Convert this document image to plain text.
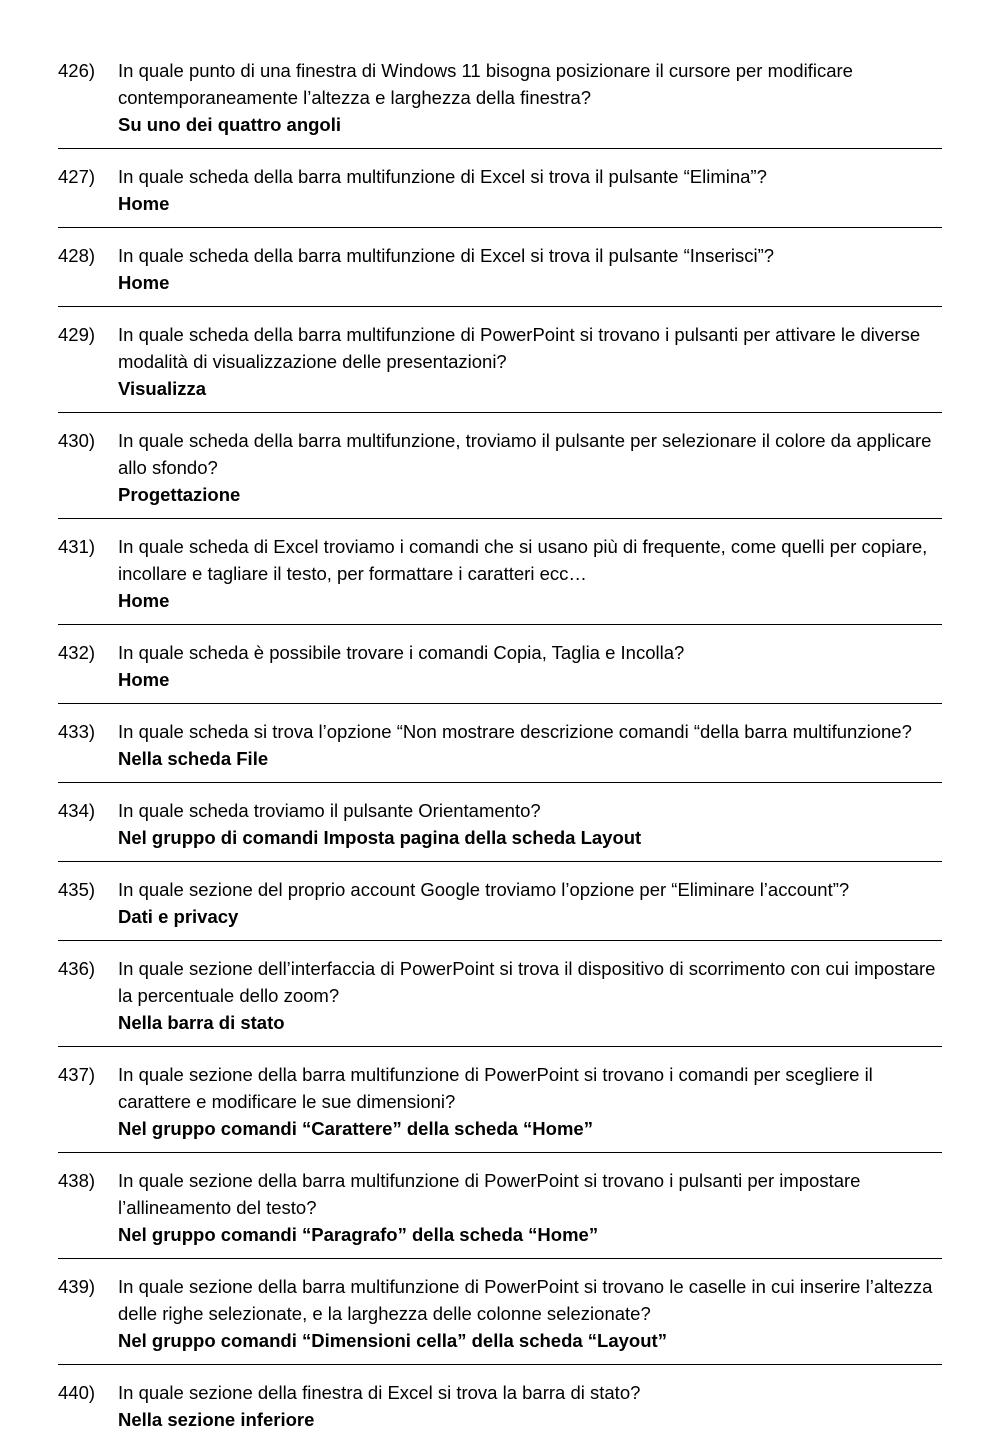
426)	In quale punto di una finestra di Windows 11 bisogna posizionare il cursore per modificare contemporaneamente l’altezza e larghezza della finestra?

Su uno dei quattro angoli

427)	In quale scheda della barra multifunzione di Excel si trova il pulsante “Elimina”?

Home

428)	In quale scheda della barra multifunzione di Excel si trova il pulsante “Inserisci”?

Home

429)	In quale scheda della barra multifunzione di PowerPoint si trovano i pulsanti per attivare le diverse modalità di visualizzazione delle presentazioni?

Visualizza

430)	In quale scheda della barra multifunzione, troviamo il pulsante per selezionare il colore da applicare allo sfondo?

Progettazione

431)	In quale scheda di Excel troviamo i comandi che si usano più di frequente, come quelli per copiare, incollare e tagliare il testo, per formattare i caratteri ecc…

Home

432)	In quale scheda è possibile trovare i comandi Copia, Taglia e Incolla?

Home

433)	In quale scheda si trova l’opzione “Non mostrare descrizione comandi “della barra multifunzione?

Nella scheda File

434)	In quale scheda troviamo il pulsante Orientamento?

Nel gruppo di comandi Imposta pagina della scheda Layout

435)	In quale sezione del proprio account Google troviamo l’opzione per “Eliminare l’account”?

Dati e privacy

436)	In quale sezione dell’interfaccia di PowerPoint si trova il dispositivo di scorrimento con cui impostare la percentuale dello zoom?

Nella barra di stato

437)	In quale sezione della barra multifunzione di PowerPoint si trovano i comandi per scegliere il carattere e modificare le sue dimensioni?

Nel gruppo comandi “Carattere” della scheda “Home”

438)	In quale sezione della barra multifunzione di PowerPoint si trovano i pulsanti per impostare l’allineamento del testo?

Nel gruppo comandi “Paragrafo” della scheda “Home”

439)	In quale sezione della barra multifunzione di PowerPoint si trovano le caselle in cui inserire l’altezza delle righe selezionate, e la larghezza delle colonne selezionate?

Nel gruppo comandi “Dimensioni cella” della scheda “Layout”

440)	In quale sezione della finestra di Excel si trova la barra di stato?

Nella sezione inferiore
